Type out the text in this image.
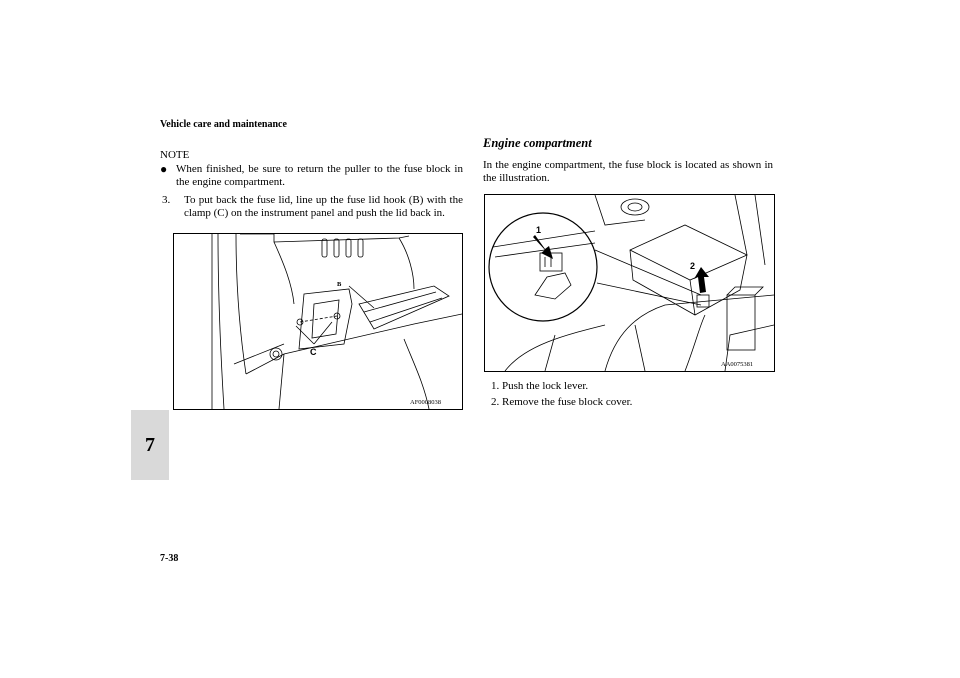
Vehicle care and maintenance
7
7-38
NOTE
● When finished, be sure to return the puller to the fuse block in the engine compartment.
3.	To put back the fuse lid, line up the fuse lid hook (B) with the clamp (C) on the instrument panel and push the lid back in.
B
C
AF0008038
Engine compartment
In the engine compartment, the fuse block is located as shown in the illustration.
1
2
AA0075381
1. Push the lock lever.
2. Remove the fuse block cover.
